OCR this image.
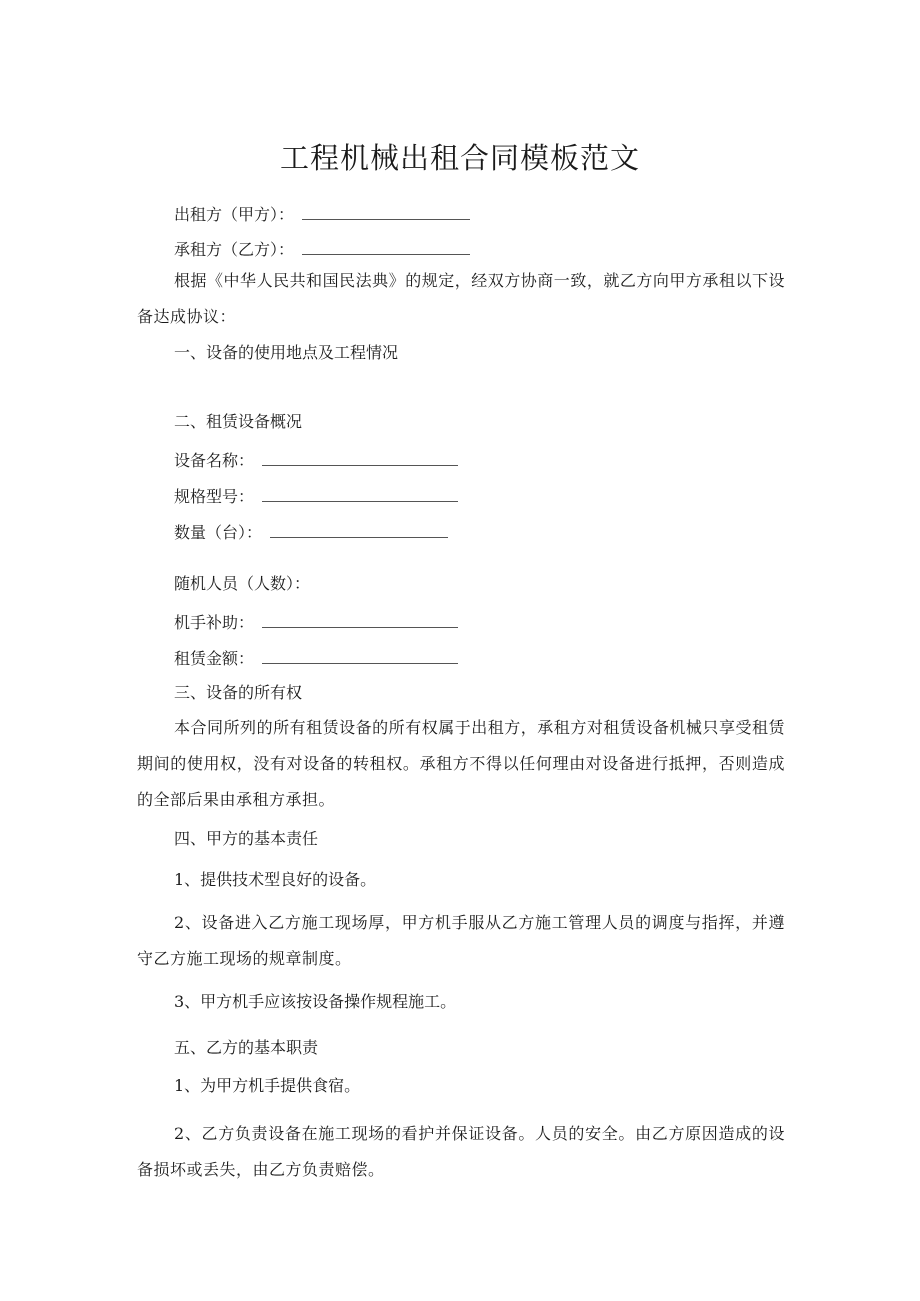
工程机械出租合同模板范文
出租方（甲方）：
承租方（乙方）：
根据《中华人民共和国民法典》的规定，经双方协商一致，就乙方向甲方承租以下设备达成协议：
一、设备的使用地点及工程情况
二、租赁设备概况
设备名称：
规格型号：
数量（台）：
随机人员（人数）：
机手补助：
租赁金额：
三、设备的所有权
本合同所列的所有租赁设备的所有权属于出租方，承租方对租赁设备机械只享受租赁期间的使用权，没有对设备的转租权。承租方不得以任何理由对设备进行抵押，否则造成的全部后果由承租方承担。
四、甲方的基本责任
1、提供技术型良好的设备。
2、设备进入乙方施工现场厚，甲方机手服从乙方施工管理人员的调度与指挥，并遵守乙方施工现场的规章制度。
3、甲方机手应该按设备操作规程施工。
五、乙方的基本职责
1、为甲方机手提供食宿。
2、乙方负责设备在施工现场的看护并保证设备。人员的安全。由乙方原因造成的设备损坏或丢失，由乙方负责赔偿。
